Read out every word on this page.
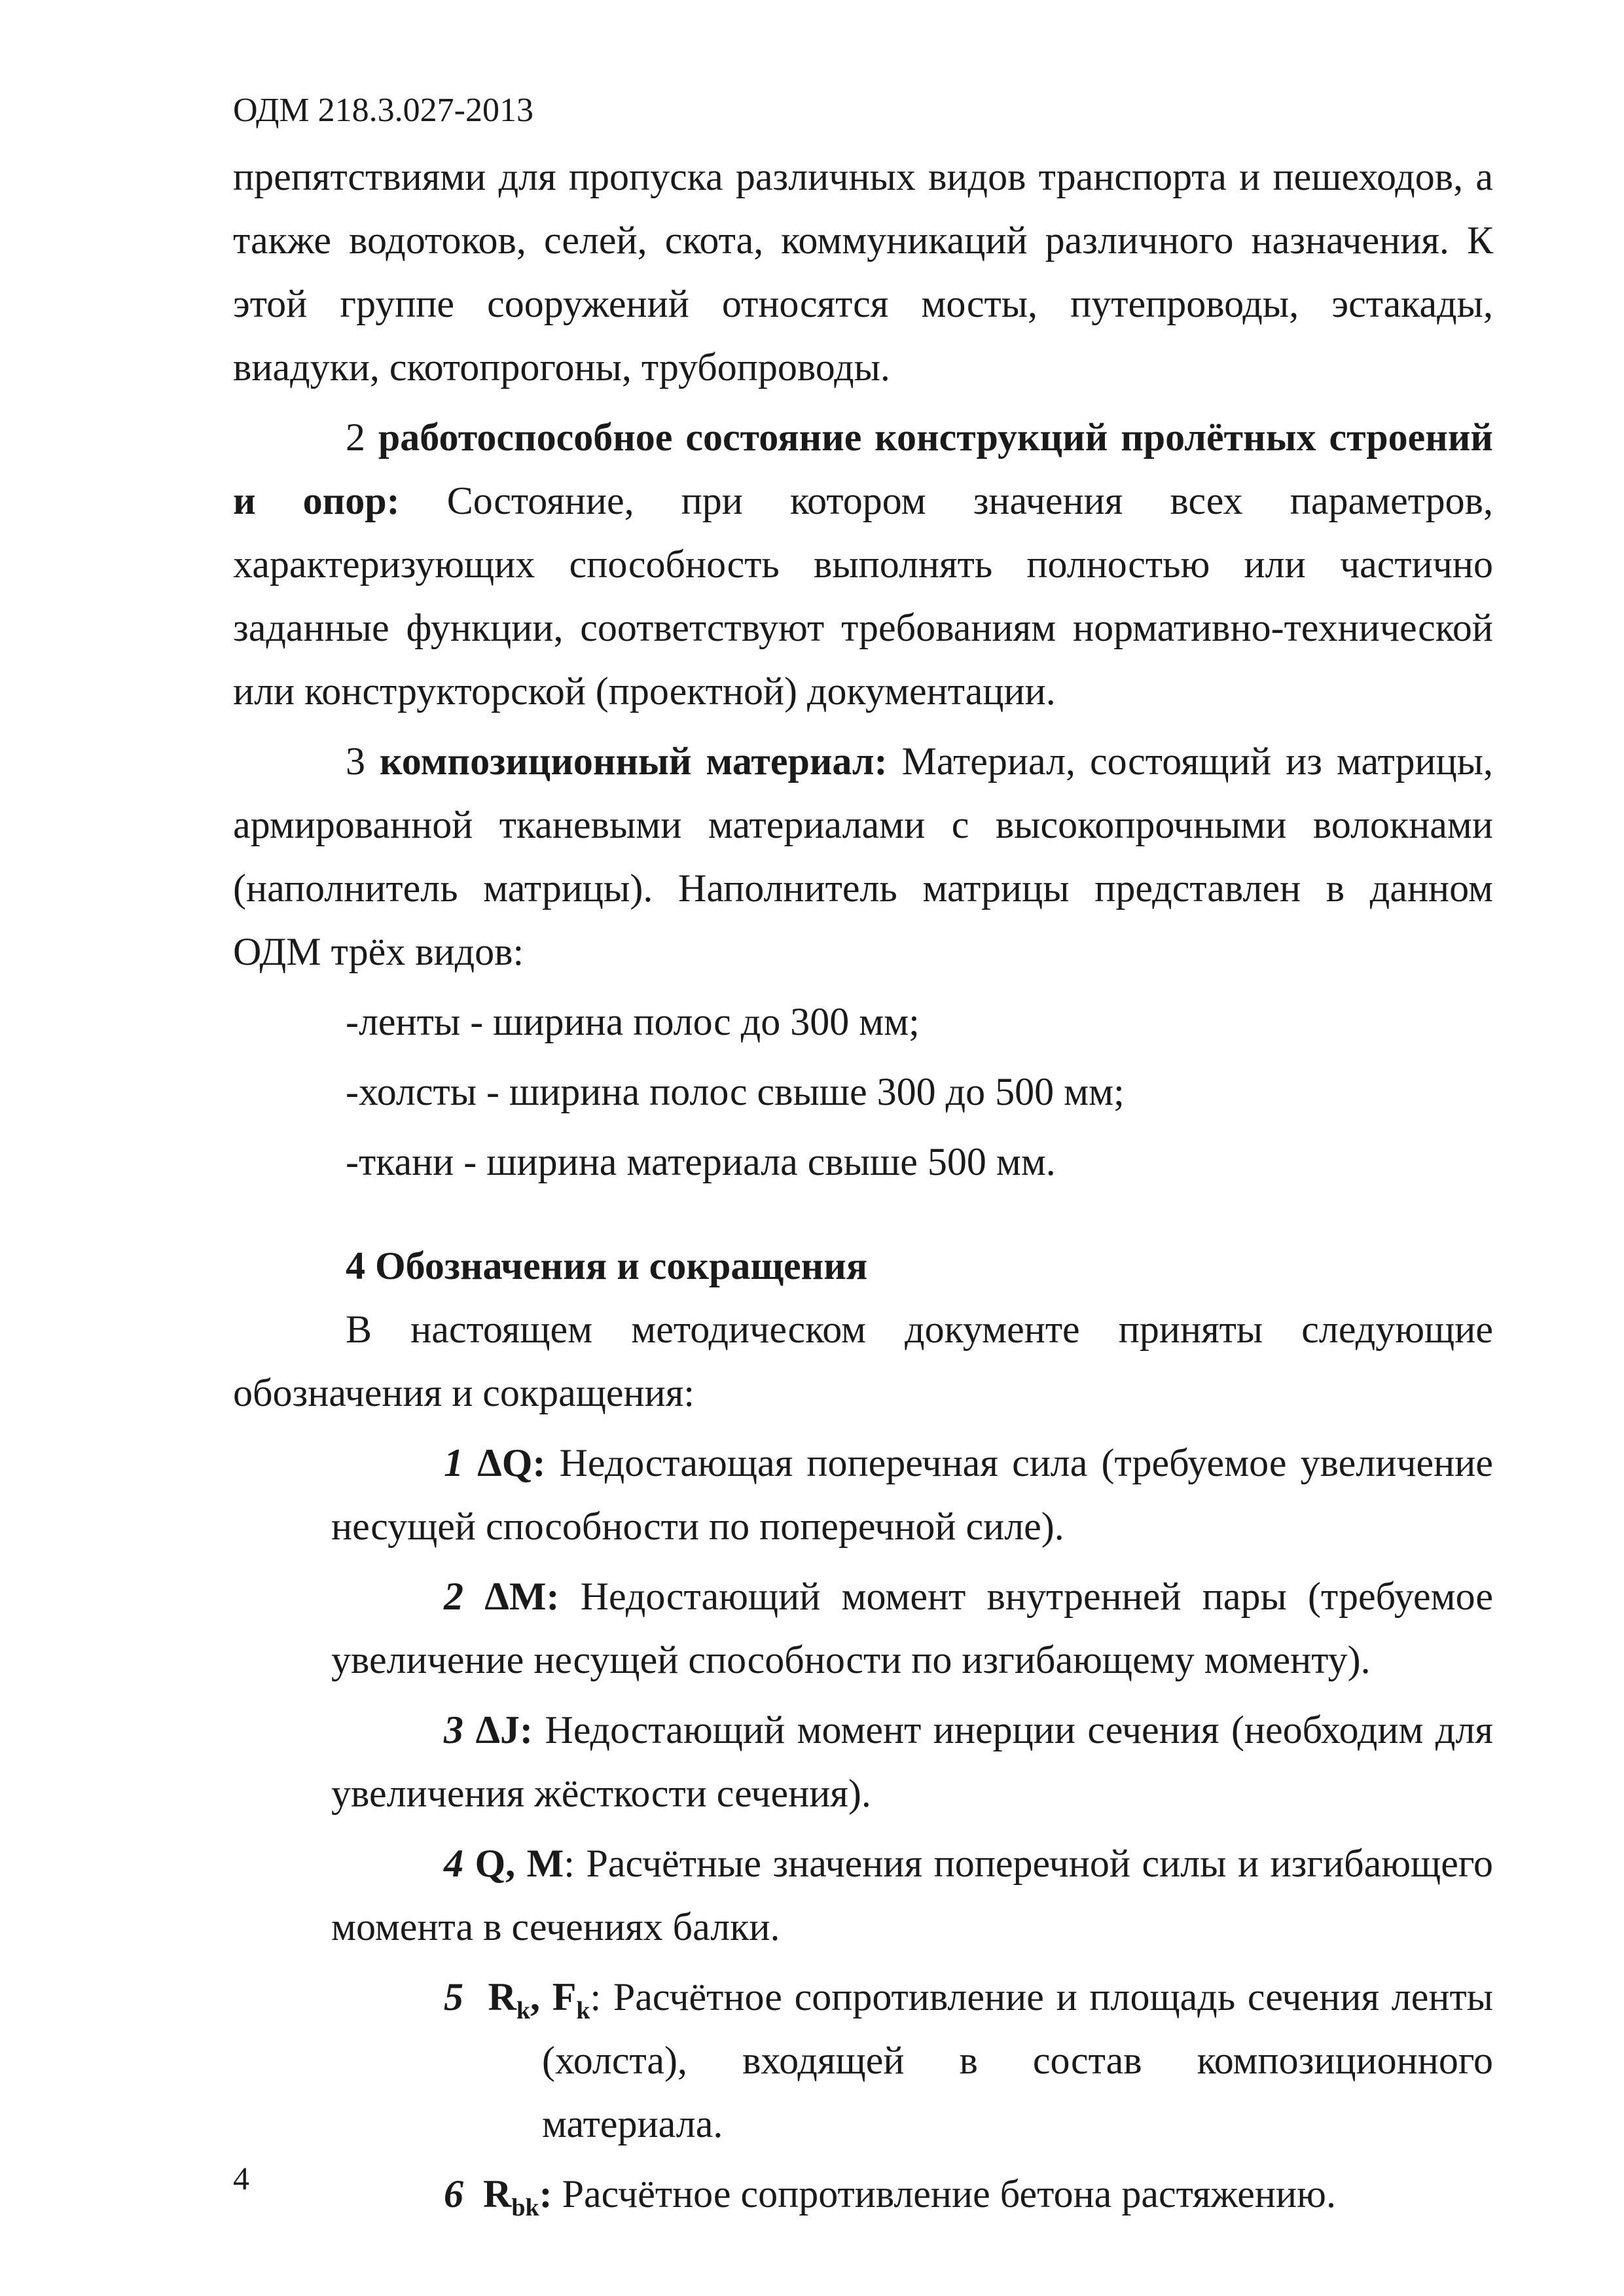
ОДМ 218.3.027-2013

препятствиями для пропуска различных видов транспорта и пешеходов, а также водотоков, селей, скота, коммуникаций различного назначения. К этой группе сооружений относятся мосты, путепроводы, эстакады, виадуки, скотопрогоны, трубопроводы.

2 работоспособное состояние конструкций пролётных строений и опор: Состояние, при котором значения всех параметров, характеризующих способность выполнять полностью или частично заданные функции, соответствуют требованиям нормативно-технической или конструкторской (проектной) документации.

3 композиционный материал: Материал, состоящий из матрицы, армированной тканевыми материалами с высокопрочными волокнами (наполнитель матрицы). Наполнитель матрицы представлен в данном ОДМ трёх видов:

-ленты - ширина полос до 300 мм;

-холсты - ширина полос свыше 300 до 500 мм;

-ткани - ширина материала свыше 500 мм.

4 Обозначения и сокращения

В настоящем методическом документе приняты следующие обозначения и сокращения:

1 ΔQ: Недостающая поперечная сила (требуемое увеличение несущей способности по поперечной силе).

2 ΔM: Недостающий момент внутренней пары (требуемое увеличение несущей способности по изгибающему моменту).

3 ΔJ: Недостающий момент инерции сечения (необходим для увеличения жёсткости сечения).

4 Q, M: Расчётные значения поперечной силы и изгибающего момента в сечениях балки.

5 $R_k$, $F_k$: Расчётное сопротивление и площадь сечения ленты (холста), входящей в состав композиционного материала.

6 $R_{bk}$: Расчётное сопротивление бетона растяжению.

4
